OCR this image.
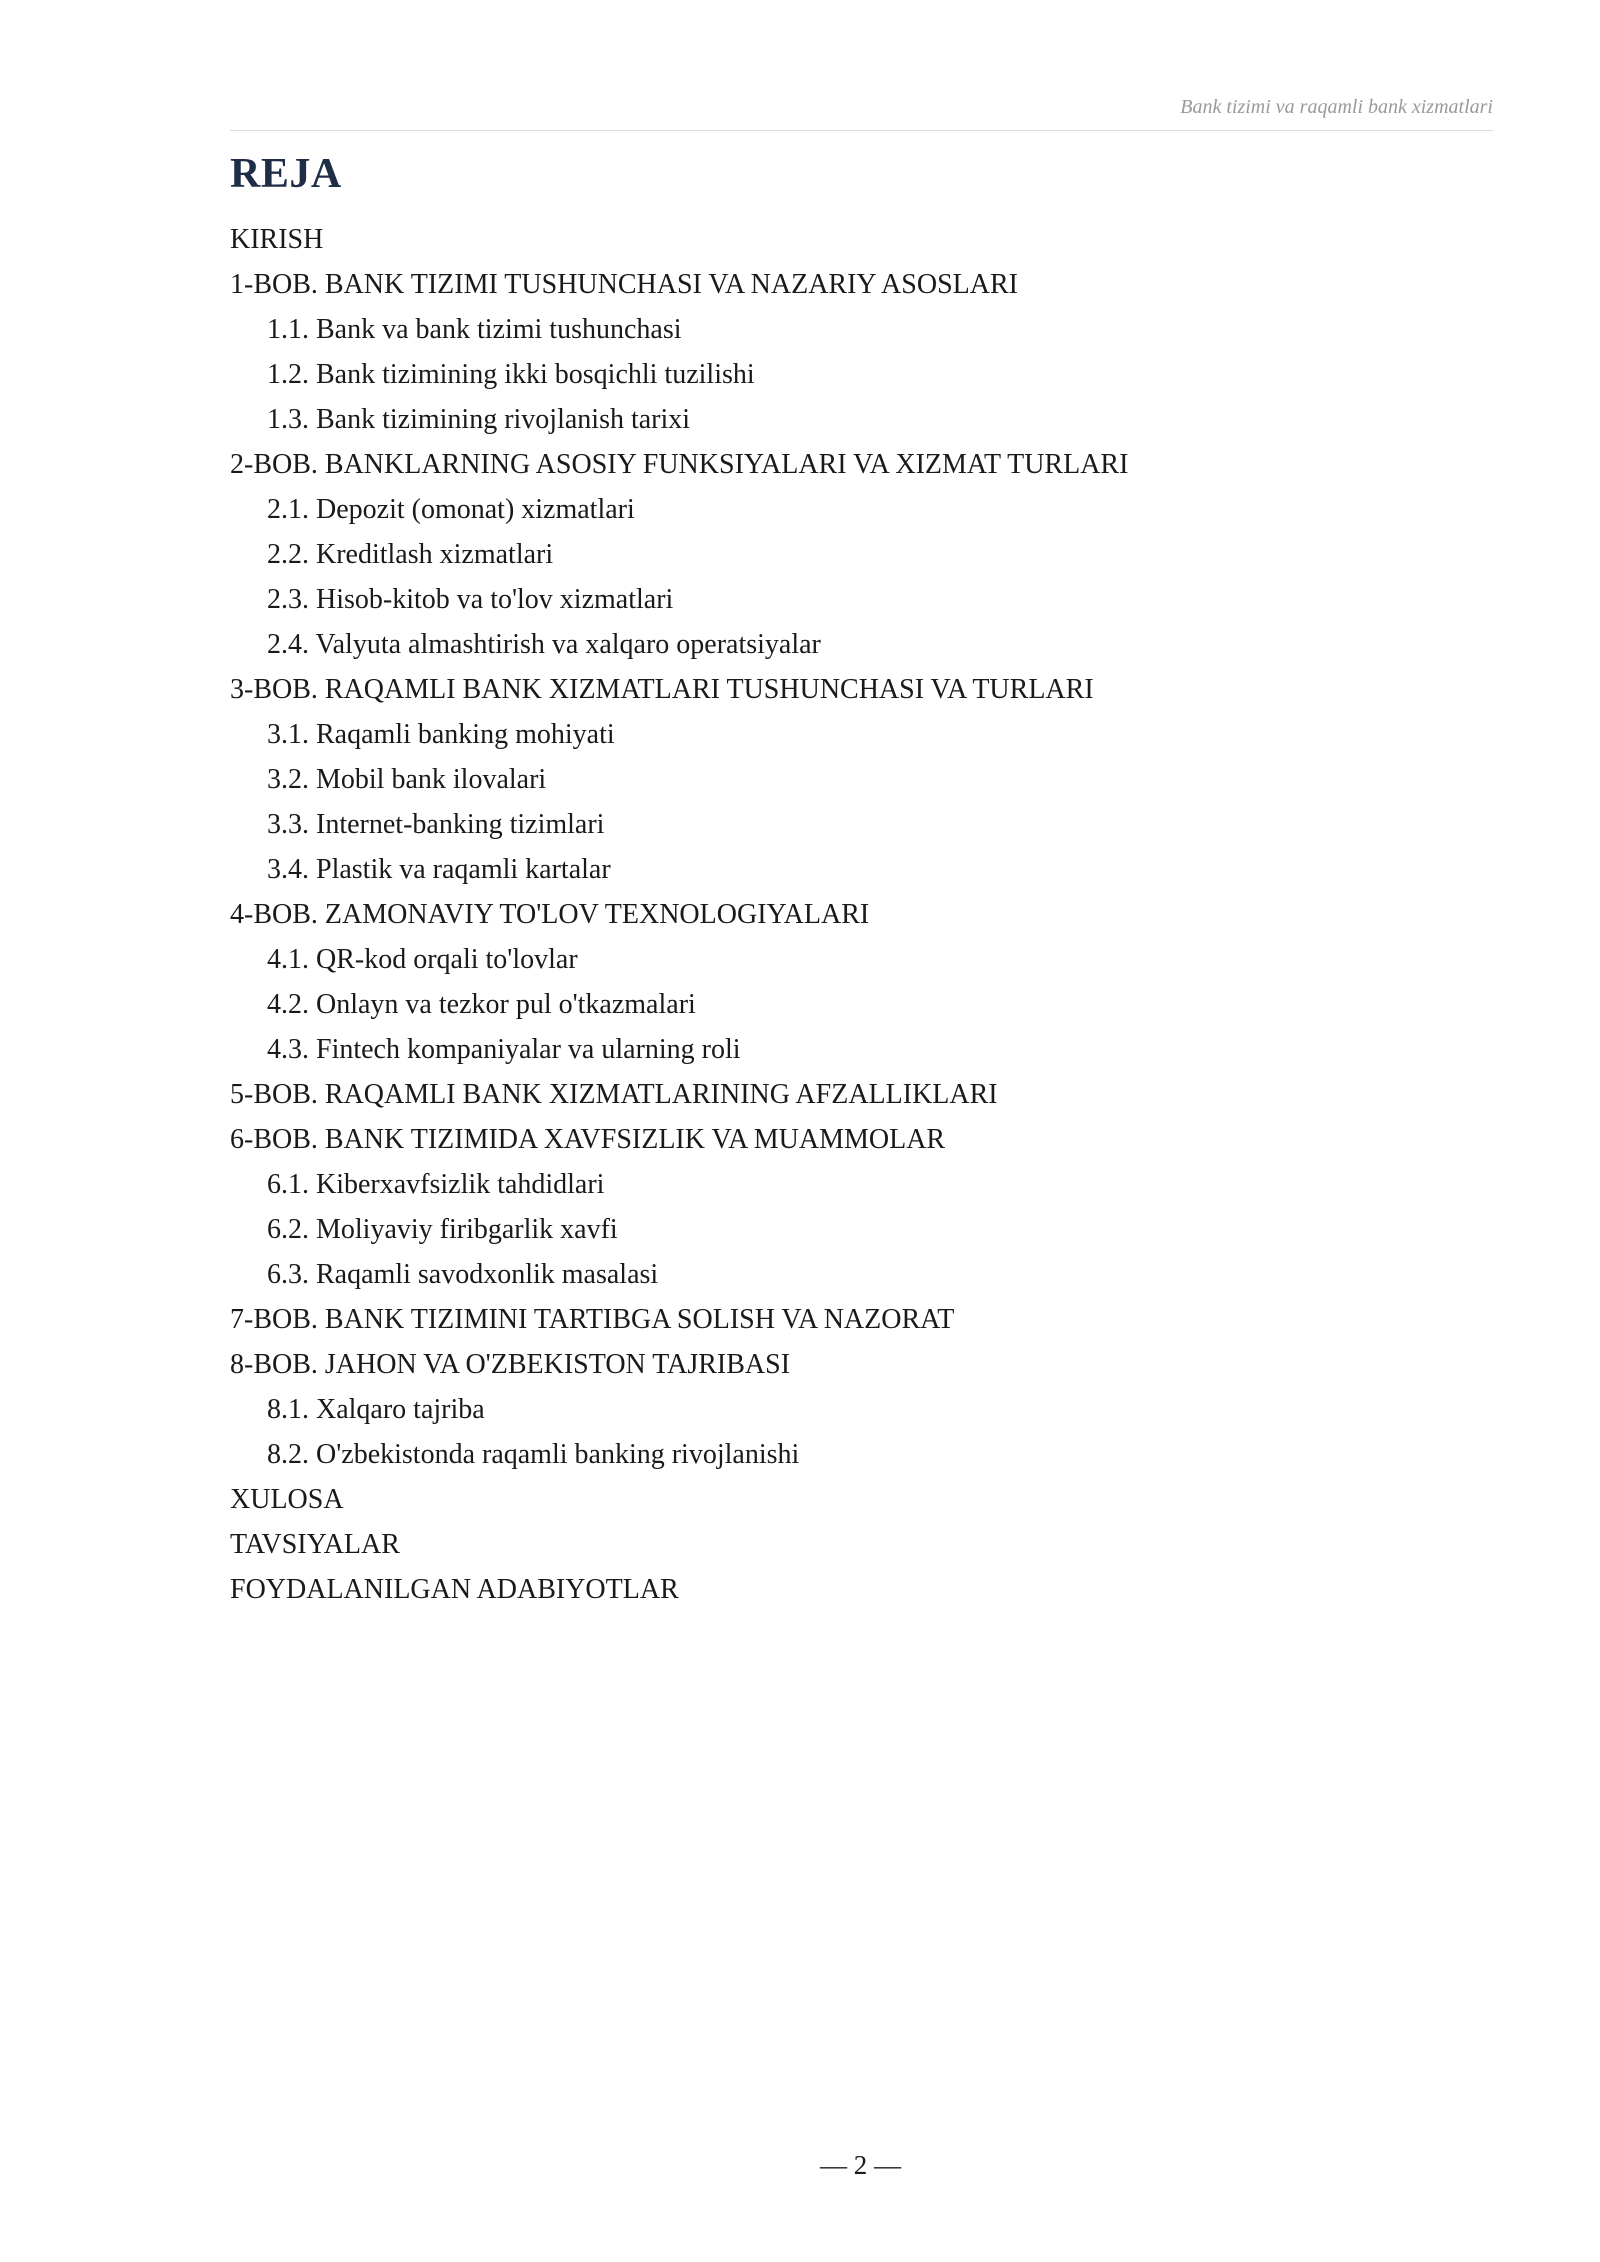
Bank tizimi va raqamli bank xizmatlari
REJA
KIRISH
1-BOB. BANK TIZIMI TUSHUNCHASI VA NAZARIY ASOSLARI
1.1. Bank va bank tizimi tushunchasi
1.2. Bank tizimining ikki bosqichli tuzilishi
1.3. Bank tizimining rivojlanish tarixi
2-BOB. BANKLARNING ASOSIY FUNKSIYALARI VA XIZMAT TURLARI
2.1. Depozit (omonat) xizmatlari
2.2. Kreditlash xizmatlari
2.3. Hisob-kitob va to'lov xizmatlari
2.4. Valyuta almashtirish va xalqaro operatsiyalar
3-BOB. RAQAMLI BANK XIZMATLARI TUSHUNCHASI VA TURLARI
3.1. Raqamli banking mohiyati
3.2. Mobil bank ilovalari
3.3. Internet-banking tizimlari
3.4. Plastik va raqamli kartalar
4-BOB. ZAMONAVIY TO'LOV TEXNOLOGIYALARI
4.1. QR-kod orqali to'lovlar
4.2. Onlayn va tezkor pul o'tkazmalari
4.3. Fintech kompaniyalar va ularning roli
5-BOB. RAQAMLI BANK XIZMATLARINING AFZALLIKLARI
6-BOB. BANK TIZIMIDA XAVFSIZLIK VA MUAMMOLAR
6.1. Kiberxavfsizlik tahdidlari
6.2. Moliyaviy firibgarlik xavfi
6.3. Raqamli savodxonlik masalasi
7-BOB. BANK TIZIMINI TARTIBGA SOLISH VA NAZORAT
8-BOB. JAHON VA O'ZBEKISTON TAJRIBASI
8.1. Xalqaro tajriba
8.2. O'zbekistonda raqamli banking rivojlanishi
XULOSA
TAVSIYALAR
FOYDALANILGAN ADABIYOTLAR
— 2 —
